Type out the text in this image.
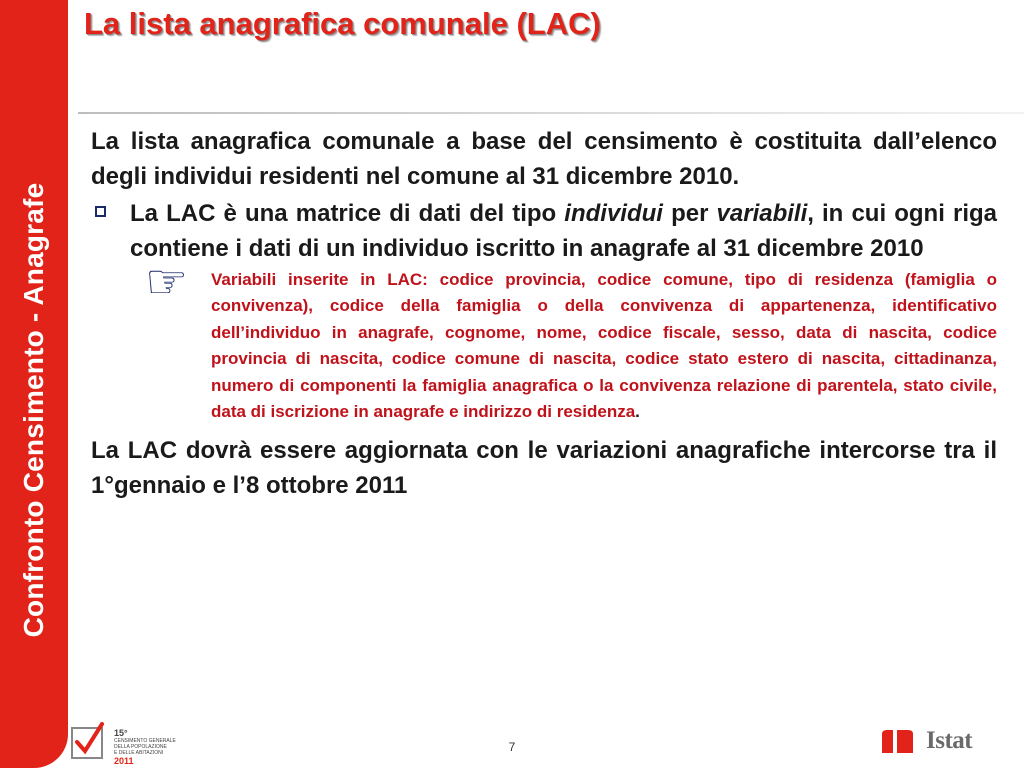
Confronto Censimento - Anagrafe
La lista anagrafica comunale (LAC)

La lista anagrafica comunale a base del censimento è costituita dall’elenco degli individui residenti nel comune al 31 dicembre 2010.

La LAC è una matrice di dati del tipo individui per variabili, in cui ogni riga contiene i dati di un individuo iscritto in anagrafe al 31 dicembre 2010

☞ Variabili inserite in LAC: codice provincia, codice comune, tipo di residenza (famiglia o convivenza), codice della famiglia o della convivenza di appartenenza, identificativo dell’individuo in anagrafe, cognome, nome, codice fiscale, sesso, data di nascita, codice provincia di nascita, codice comune di nascita, codice stato estero di nascita, cittadinanza, numero di componenti la famiglia anagrafica o la convivenza relazione di parentela, stato civile, data di iscrizione in anagrafe e indirizzo di residenza.

La LAC dovrà essere aggiornata con le variazioni anagrafiche intercorse tra il 1°gennaio e l’8 ottobre 2011

15°
CENSIMENTO GENERALE
DELLA POPOLAZIONE
E DELLE ABITAZIONI
2011
7	Istat
